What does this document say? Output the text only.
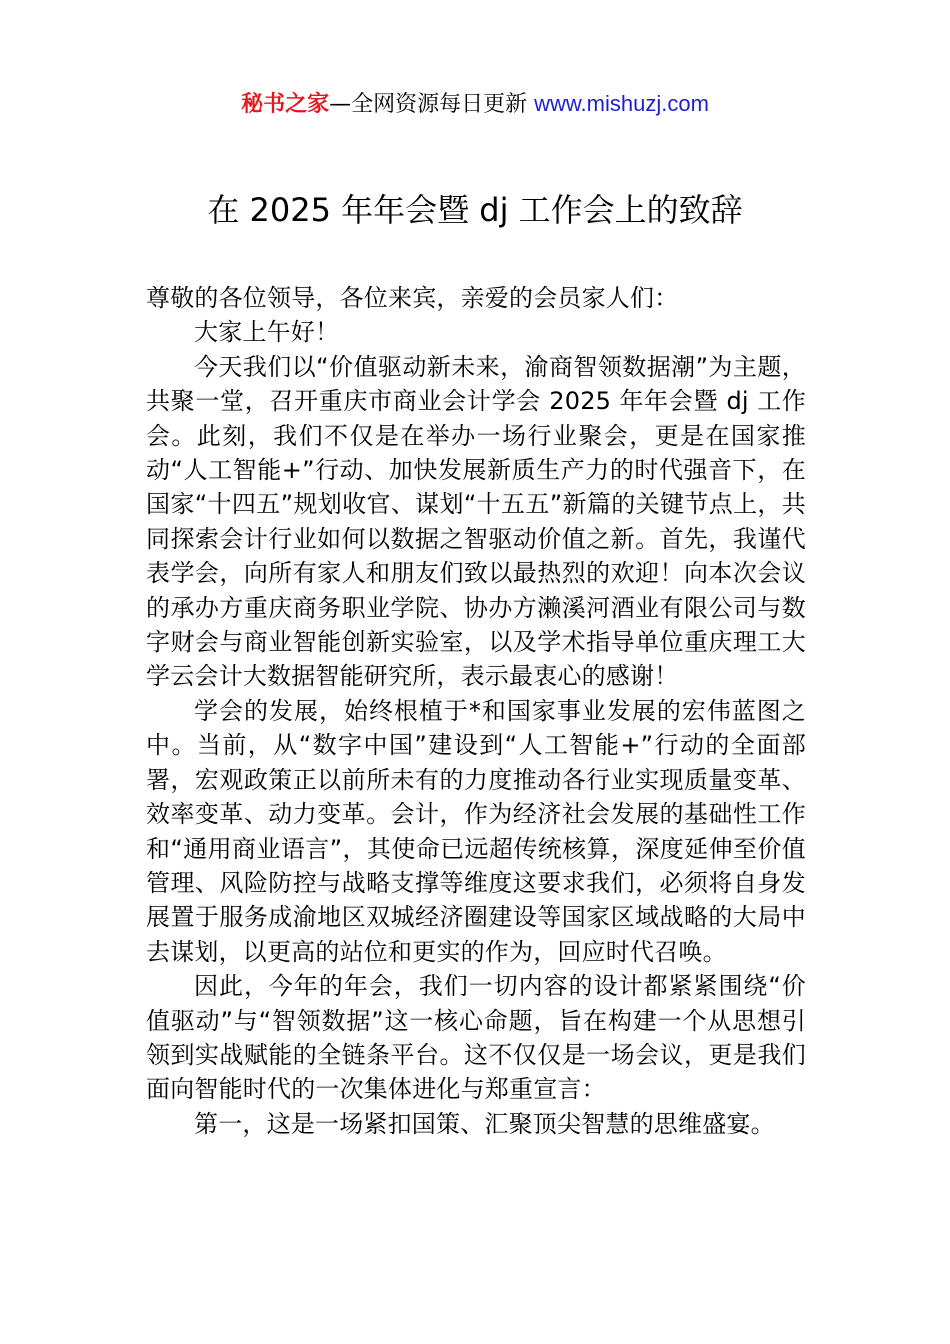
秘书之家—全网资源每日更新 www.mishuzj.com
在 2025 年年会暨 dj 工作会上的致辞

尊敬的各位领导，各位来宾，亲爱的会员家人们：

大家上午好！

今天我们以“价值驱动新未来，渝商智领数据潮”为主题，共聚一堂，召开重庆市商业会计学会 2025 年年会暨 dj 工作会。此刻，我们不仅是在举办一场行业聚会，更是在国家推动“人工智能+”行动、加快发展新质生产力的时代强音下，在国家“十四五”规划收官、谋划“十五五”新篇的关键节点上，共同探索会计行业如何以数据之智驱动价值之新。首先，我谨代表学会，向所有家人和朋友们致以最热烈的欢迎！向本次会议的承办方重庆商务职业学院、协办方濑溪河酒业有限公司与数字财会与商业智能创新实验室，以及学术指导单位重庆理工大学云会计大数据智能研究所，表示最衷心的感谢！

学会的发展，始终根植于*和国家事业发展的宏伟蓝图之中。当前，从“数字中国”建设到“人工智能+”行动的全面部署，宏观政策正以前所未有的力度推动各行业实现质量变革、效率变革、动力变革。会计，作为经济社会发展的基础性工作和“通用商业语言”，其使命已远超传统核算，深度延伸至价值管理、风险防控与战略支撑等维度这要求我们，必须将自身发展置于服务成渝地区双城经济圈建设等国家区域战略的大局中去谋划，以更高的站位和更实的作为，回应时代召唤。

因此，今年的年会，我们一切内容的设计都紧紧围绕“价值驱动”与“智领数据”这一核心命题，旨在构建一个从思想引领到实战赋能的全链条平台。这不仅仅是一场会议，更是我们面向智能时代的一次集体进化与郑重宣言：

第一，这是一场紧扣国策、汇聚顶尖智慧的思维盛宴。
